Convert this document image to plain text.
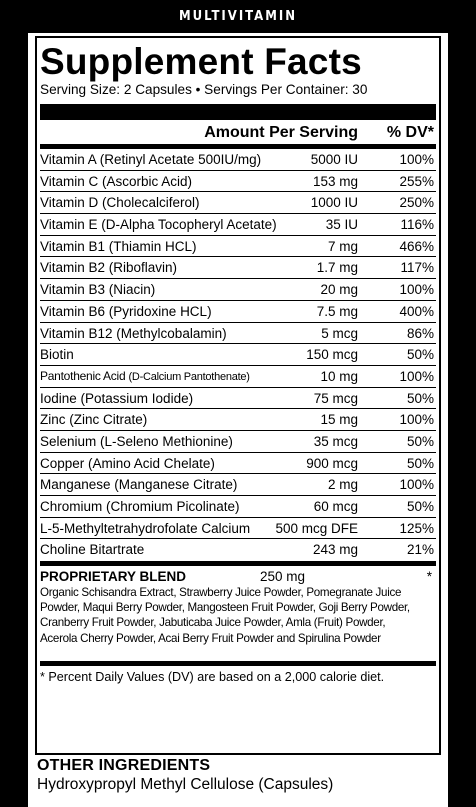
MULTIVITAMIN
Supplement Facts
Serving Size: 2 Capsules • Servings Per Container: 30
Amount Per Serving % DV*
Vitamin A (Retinyl Acetate 500IU/mg)	5000 IU	100%
Vitamin C (Ascorbic Acid)	153 mg	255%
Vitamin D (Cholecalciferol)	1000 IU	250%
Vitamin E (D-Alpha Tocopheryl Acetate)	35 IU	116%
Vitamin B1 (Thiamin HCL)	7 mg	466%
Vitamin B2 (Riboflavin)	1.7 mg	117%
Vitamin B3 (Niacin)	20 mg	100%
Vitamin B6 (Pyridoxine HCL)	7.5 mg	400%
Vitamin B12 (Methylcobalamin)	5 mcg	86%
Biotin	150 mcg	50%
Pantothenic Acid (D-Calcium Pantothenate)	10 mg	100%
Iodine (Potassium Iodide)	75 mcg	50%
Zinc (Zinc Citrate)	15 mg	100%
Selenium (L-Seleno Methionine)	35 mcg	50%
Copper (Amino Acid Chelate)	900 mcg	50%
Manganese (Manganese Citrate)	2 mg	100%
Chromium (Chromium Picolinate)	60 mcg	50%
L-5-Methyltetrahydrofolate Calcium 500 mcg DFE	125%
Choline Bitartrate	243 mg	21%
PROPRIETARY BLEND	250 mg	*
Organic Schisandra Extract, Strawberry Juice Powder, Pomegranate Juice
Powder, Maqui Berry Powder, Mangosteen Fruit Powder, Goji Berry Powder,
Cranberry Fruit Powder, Jabuticaba Juice Powder, Amla (Fruit) Powder,
Acerola Cherry Powder, Acai Berry Fruit Powder and Spirulina Powder
* Percent Daily Values (DV) are based on a 2,000 calorie diet.
OTHER INGREDIENTS
Hydroxypropyl Methyl Cellulose (Capsules)
